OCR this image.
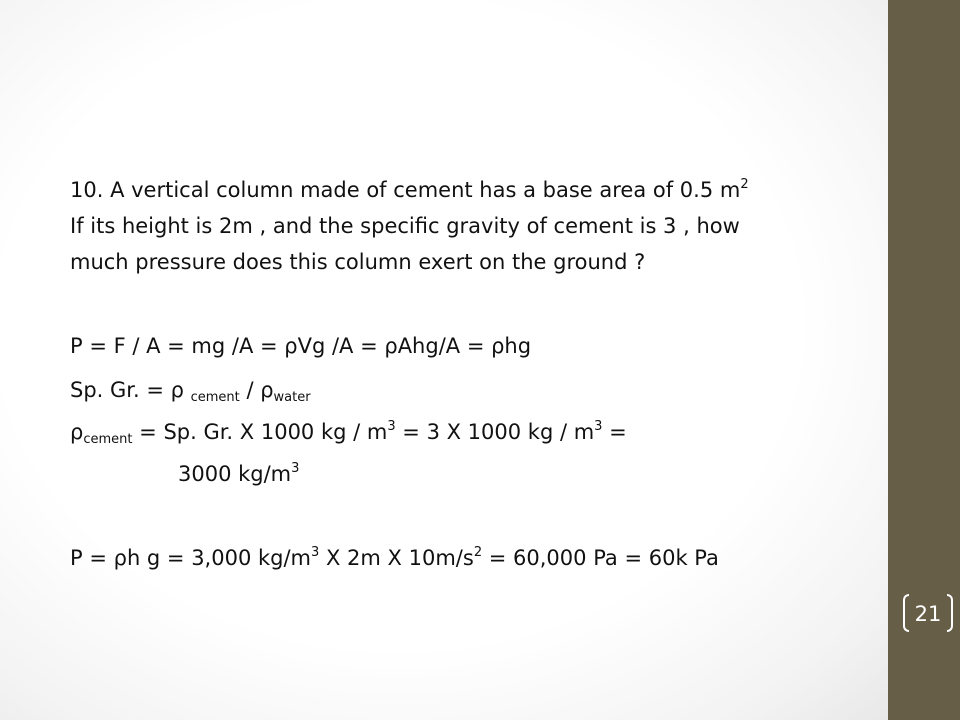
21
10. A vertical column made of cement has a base area of 0.5 $m^2$
If its height is 2m , and the specific gravity of cement is 3 , how
much pressure does this column exert on the ground ?
P = F / A = mg /A = ρVg /A = ρAhg/A = ρhg
Sp. Gr. = ρ $_{cement} / \rho_{water}$
$\rho_{cement} = Sp$. Gr. X 1000 kg / $m^3 = 3$ X 1000 kg / $m^3$ =
3000 $kg/m^3$
P = ρh g = 3,000 $kg/m^3$ X 2m X $10m/s^2 = 60,000$ Pa = 60k Pa
